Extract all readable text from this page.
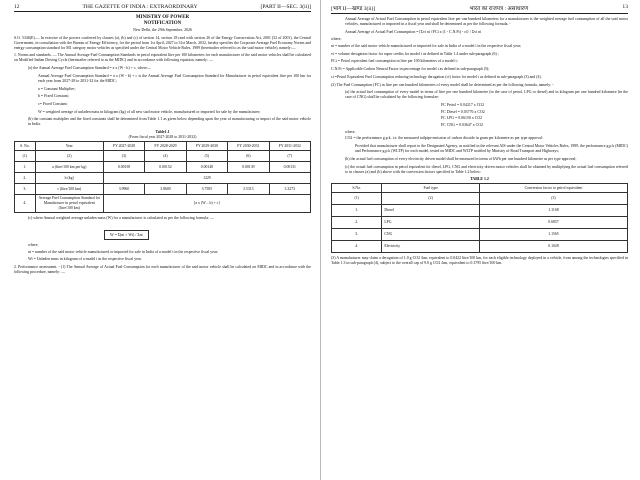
12	THE GAZETTE OF INDIA : EXTRAORDINARY	[PART II—SEC. 3(ii)]
MINISTRY OF POWER
NOTIFICATION

New Delhi, the 29th September, 2026

S.O. 5346(E).— In exercise of the powers conferred by clauses (a), (b) and (c) of section 14, section 18 read with section 26 of the Energy Conservation Act, 2001 (52 of 2001), the Central Government, in consultation with the Bureau of Energy Efficiency, for the period from 1st April, 2027 to 31st March, 2032, hereby specifies the Corporate Average Fuel Economy Norms and energy consumption standard for M1 category motor vehicles as specified under the Central Motor Vehicle Rules, 1989 (hereinafter referred to as the said motor vehicle), namely:—

1. Norms and standards. — The Annual Average Fuel Consumption Standards in petrol equivalent litre per 100 kilometres for each manufacturer of the said motor vehicles shall be calculated on Modified Indian Driving Cycle (hereinafter referred to as the MIDC) and in accordance with following equation, namely: —

(a) the Annual Average Fuel Consumption Standard = a x (W - b) + c, where—

Annual Average Fuel Consumption Standard = a x (W - b) + c is the Annual Average Fuel Consumption Standard for Manufacturer in petrol equivalent litre per 100 km for each year from 2027-28 to 2031-32 for the MIDC;

a = Constant Multiplier;

b = Fixed Constant;

c= Fixed Constant;

W = weighted average of unladen mass in kilogram (kg) of all new said motor vehicle, manufactured or imported for sale by the manufacturer;

(b) the constant multiplier and the fixed constants shall be determined from Table 1.1 as given below depending upon the year of manufacturing or import of the said motor vehicle in India.

Table1.1

(From fiscal year 2027-2028 to 2031-2032)

S. No.	Year	FY 2027-2028	FY 2028-2029	FY 2029-2030	FY 2030-2031	FY 2031-2032
(1)	(2)	(3)	(4)	(5)	(6)	(7)
1.	a (litre/100 km per kg)	0.00158	0.00152	0.00148	0.00139	0.00131
2.	b (kg)	1229				
3.	c (litre/100 km)	3.9960	3.8600	3.7585	3.5313	3.3273
4.	Average Fuel Consumption Standard for Manufacturer in petrol equivalent (litre/100 km)	[a x (W – b) + c]				

(c) where Annual weighted average unladen mass (W) for a manufacturer is calculated as per the following formula: —

W = Σ(ni × Wi) / Σni

where,

ni = number of the said motor vehicle manufactured or imported for sale in India of a model i in the respective fiscal year;

Wi = Unladen mass in kilogram of a model i in the respective fiscal year.

2. Performance assessment. - (1) The Annual Average of Actual Fuel Consumption for each manufacturer of the said motor vehicle shall be calculated on MIDC and in accordance with the following procedure, namely: —

[भाग II—खण्ड 3(ii)]	भारत का राजपत्र : असाधारण	13

Annual Average of Actual Fuel Consumption in petrol equivalent litre per one hundred kilometers for a manufacturer is the weighted average fuel consumption of all the said motor vehicles, manufactured or imported in a fiscal year and shall be determined as per the following formula, -

Annual Average of Actual Fuel Consumption = [Σvi ni {FCi x (1 - C.N.Fi) - ci} / Σvi ni

where,

ni = number of the said motor vehicle manufactured or imported for sale in India of a model i in the respective fiscal year;

vi = volume derogation factor for super credits for model i as defined in Table 1.4 under sub-paragraph (6) ;

FCi = Petrol equivalent fuel consumption in litre per 100 kilometers of a model i;

C.N.Fi = Applicable Carbon Neutral Factor in percentage for model i as defined in sub-paragraph (5);

ci =Petrol Equivalent Fuel Consumption reducing technology derogation (ci) factor for model i as defined in sub-paragraph (3) and (4).

(2) The Fuel Consumption (FC) in litre per one hundred kilometres of every model shall be determined as per the following formula, namely: -

(a) the actual fuel consumption of every model in terms of litre per one hundred kilometre (in the case of petrol, LPG or diesel) and in kilogram per one hundred kilometre (in the case of CNG) shall be calculated by the following formulae:

FC Petrol = 0.04217 x CO2

FC Diesel = 0.03776 x CO2

FC LPG = 0.06150 x CO2

FC CNG = 0.03647 x CO2

where,

CO2 = the performance g.p.k. i.e. the measured tailpipe emission of carbon dioxide in gram per kilometre as per type approval:

Provided that manufacturer shall report to the Designated Agency, as notified in the relevant AIS under the Central Motor Vehicles Rules, 1989, the performance g.p.k (MIDC) and Performance g.p.k (WLTP) for each model, tested on MIDC and WLTP notified by Ministry of Road Transport and Highways;

(b) the actual fuel consumption of every electricity driven model shall be measured in terms of kWh per one hundred kilometre as per type approval;

(c) the actual fuel consumption in petrol equivalent for diesel, LPG, CNG and electricity driven motor vehicles shall be obtained by multiplying the actual fuel consumption referred to in clauses (a) and (b) above with the conversion factors specified in Table 1.2 below:

TABLE 1.2

S.No.	Fuel type	Conversion factor to petrol equivalent
(1)	(2)	(3)
1.	Diesel	1.1168
2.	LPG	0.6857
3.	CNG	1.1565
4.	Electricity	0.1028

(3) A manufacturer may claim a derogation of 1.0 g CO2 /km, equivalent to 0.0422 litre/100 km, for each eligible technology deployed in a vehicle, from among the technologies specified in Table 1.3 in sub-paragraph (4), subject to the overall cap of 9.0 g CO2 /km, equivalent to 0.3795 litre/100 km.
